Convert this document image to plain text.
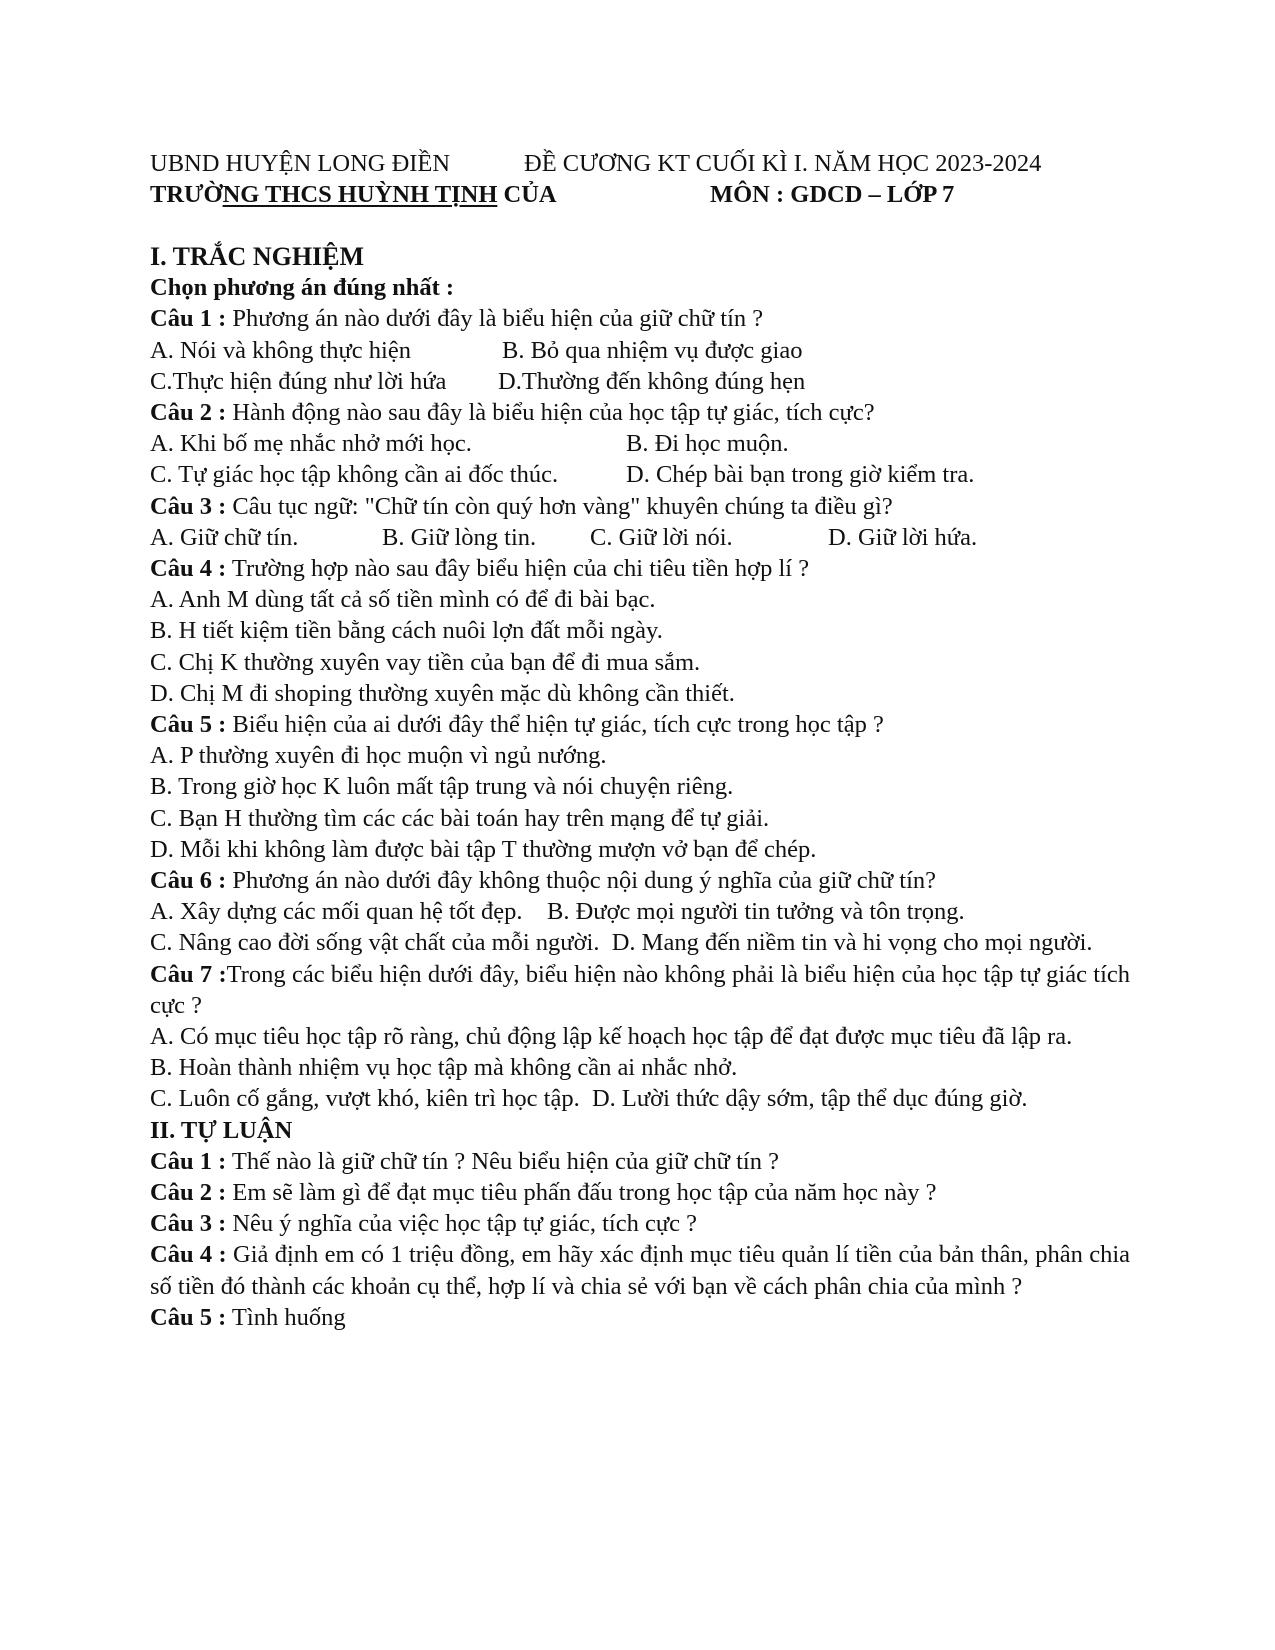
UBND HUYỆN LONG ĐIỀN	ĐỀ CƯƠNG KT CUỐI KÌ I. NĂM HỌC 2023-2024
TRƯỜNG THCS HUỲNH TỊNH CỦA	MÔN : GDCD – LỚP 7
I. TRẮC NGHIỆM
Chọn phương án đúng nhất :
Câu 1 : Phương án nào dưới đây là biểu hiện của giữ chữ tín ?
A. Nói và không thực hiện	B. Bỏ qua nhiệm vụ được giao
C.Thực hiện đúng như lời hứa D.Thường đến không đúng hẹn
Câu 2 : Hành động nào sau đây là biểu hiện của học tập tự giác, tích cực?
A. Khi bố mẹ nhắc nhở mới học.	B. Đi học muộn.
C. Tự giác học tập không cần ai đốc thúc.	D. Chép bài bạn trong giờ kiểm tra.
Câu 3 : Câu tục ngữ: "Chữ tín còn quý hơn vàng" khuyên chúng ta điều gì?
A. Giữ chữ tín.	B. Giữ lòng tin. C. Giữ lời nói.	D. Giữ lời hứa.
Câu 4 : Trường hợp nào sau đây biểu hiện của chi tiêu tiền hợp lí ?
A. Anh M dùng tất cả số tiền mình có để đi bài bạc.
B. H tiết kiệm tiền bằng cách nuôi lợn đất mỗi ngày.
C. Chị K thường xuyên vay tiền của bạn để đi mua sắm.
D. Chị M đi shoping thường xuyên mặc dù không cần thiết.
Câu 5 : Biểu hiện của ai dưới đây thể hiện tự giác, tích cực trong học tập ?
A. P thường xuyên đi học muộn vì ngủ nướng.
B. Trong giờ học K luôn mất tập trung và nói chuyện riêng.
C. Bạn H thường tìm các các bài toán hay trên mạng để tự giải.
D. Mỗi khi không làm được bài tập T thường mượn vở bạn để chép.
Câu 6 : Phương án nào dưới đây không thuộc nội dung ý nghĩa của giữ chữ tín?
A. Xây dựng các mối quan hệ tốt đẹp.    B. Được mọi người tin tưởng và tôn trọng.
C. Nâng cao đời sống vật chất của mỗi người.  D. Mang đến niềm tin và hi vọng cho mọi người.
Câu 7 :Trong các biểu hiện dưới đây, biểu hiện nào không phải là biểu hiện của học tập tự giác tích cực ?
A. Có mục tiêu học tập rõ ràng, chủ động lập kế hoạch học tập để đạt được mục tiêu đã lập ra.
B. Hoàn thành nhiệm vụ học tập mà không cần ai nhắc nhở.
C. Luôn cố gắng, vượt khó, kiên trì học tập.  D. Lười thức dậy sớm, tập thể dục đúng giờ.
II. TỰ LUẬN
Câu 1 : Thế nào là giữ chữ tín ? Nêu biểu hiện của giữ chữ tín ?
Câu 2 : Em sẽ làm gì để đạt mục tiêu phấn đấu trong học tập của năm học này ?
Câu 3 : Nêu ý nghĩa của việc học tập tự giác, tích cực ?
Câu 4 : Giả định em có 1 triệu đồng, em hãy xác định mục tiêu quản lí tiền của bản thân, phân chia số tiền đó thành các khoản cụ thể, hợp lí và chia sẻ với bạn về cách phân chia của mình ?
Câu 5 : Tình huống
